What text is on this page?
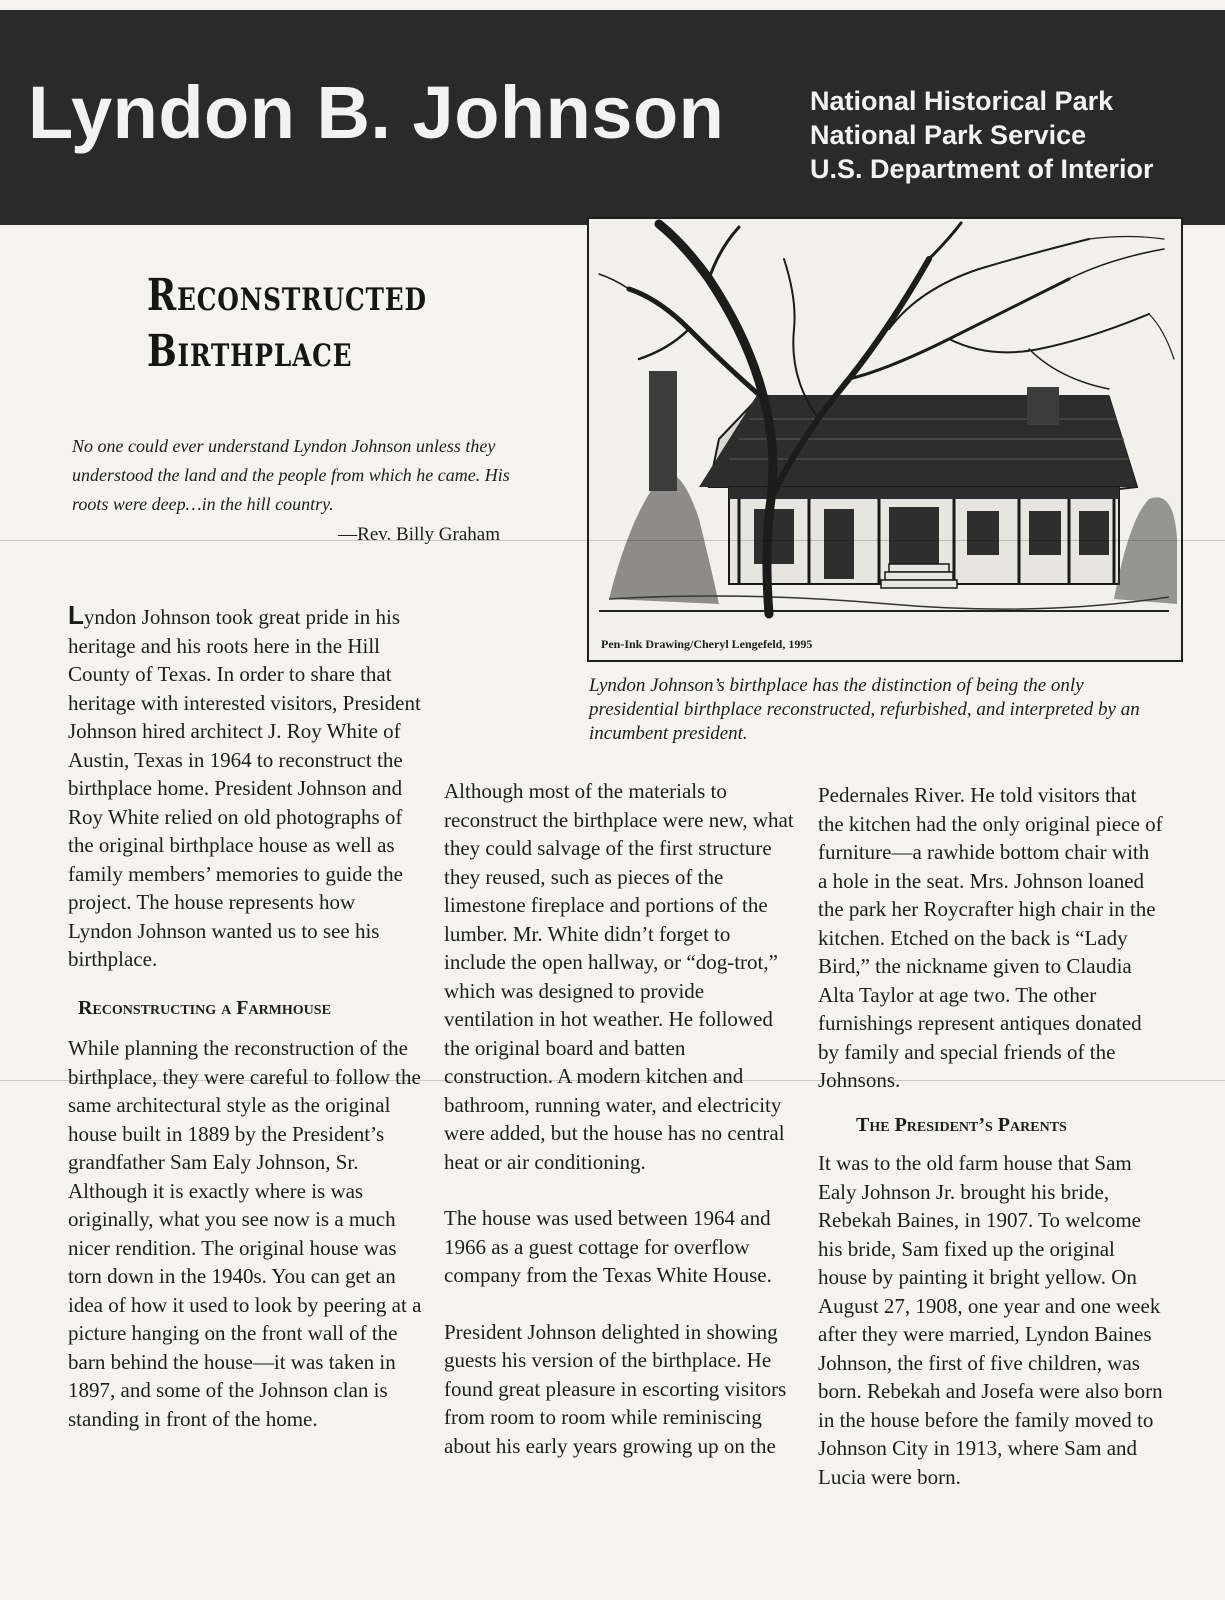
Lyndon B. Johnson	National Historical Park
National Park Service
U.S. Department of Interior
Reconstructed
Birthplace
No one could ever understand Lyndon Johnson unless they understood the land and the people from which he came. His roots were deep…in the hill country.
—Rev. Billy Graham
Pen-Ink Drawing/Cheryl Lengefeld, 1995
Lyndon Johnson’s birthplace has the distinction of being the only presidential birthplace reconstructed, refurbished, and interpreted by an incumbent president.

Lyndon Johnson took great pride in his heritage and his roots here in the Hill County of Texas. In order to share that heritage with interested visitors, President Johnson hired architect J. Roy White of Austin, Texas in 1964 to reconstruct the birthplace home. President Johnson and Roy White relied on old photographs of the original birthplace house as well as family members’ memories to guide the project. The house represents how Lyndon Johnson wanted us to see his birthplace.

Reconstructing a Farmhouse

While planning the reconstruction of the birthplace, they were careful to follow the same architectural style as the original house built in 1889 by the President’s grandfather Sam Ealy Johnson, Sr. Although it is exactly where is was originally, what you see now is a much nicer rendition. The original house was torn down in the 1940s. You can get an idea of how it used to look by peering at a picture hanging on the front wall of the barn behind the house—it was taken in 1897, and some of the Johnson clan is standing in front of the home.

Although most of the materials to reconstruct the birthplace were new, what they could salvage of the first structure they reused, such as pieces of the limestone fireplace and portions of the lumber. Mr. White didn’t forget to include the open hallway, or “dog-trot,” which was designed to provide ventilation in hot weather. He followed the original board and batten construction. A modern kitchen and bathroom, running water, and electricity were added, but the house has no central heat or air conditioning.

The house was used between 1964 and 1966 as a guest cottage for overflow company from the Texas White House.

President Johnson delighted in showing guests his version of the birthplace. He found great pleasure in escorting visitors from room to room while reminiscing about his early years growing up on the

Pedernales River. He told visitors that the kitchen had the only original piece of furniture—a rawhide bottom chair with a hole in the seat. Mrs. Johnson loaned the park her Roycrafter high chair in the kitchen. Etched on the back is “Lady Bird,” the nickname given to Claudia Alta Taylor at age two. The other furnishings represent antiques donated by family and special friends of the Johnsons.

The President’s Parents

It was to the old farm house that Sam Ealy Johnson Jr. brought his bride, Rebekah Baines, in 1907. To welcome his bride, Sam fixed up the original house by painting it bright yellow. On August 27, 1908, one year and one week after they were married, Lyndon Baines Johnson, the first of five children, was born. Rebekah and Josefa were also born in the house before the family moved to Johnson City in 1913, where Sam and Lucia were born.
